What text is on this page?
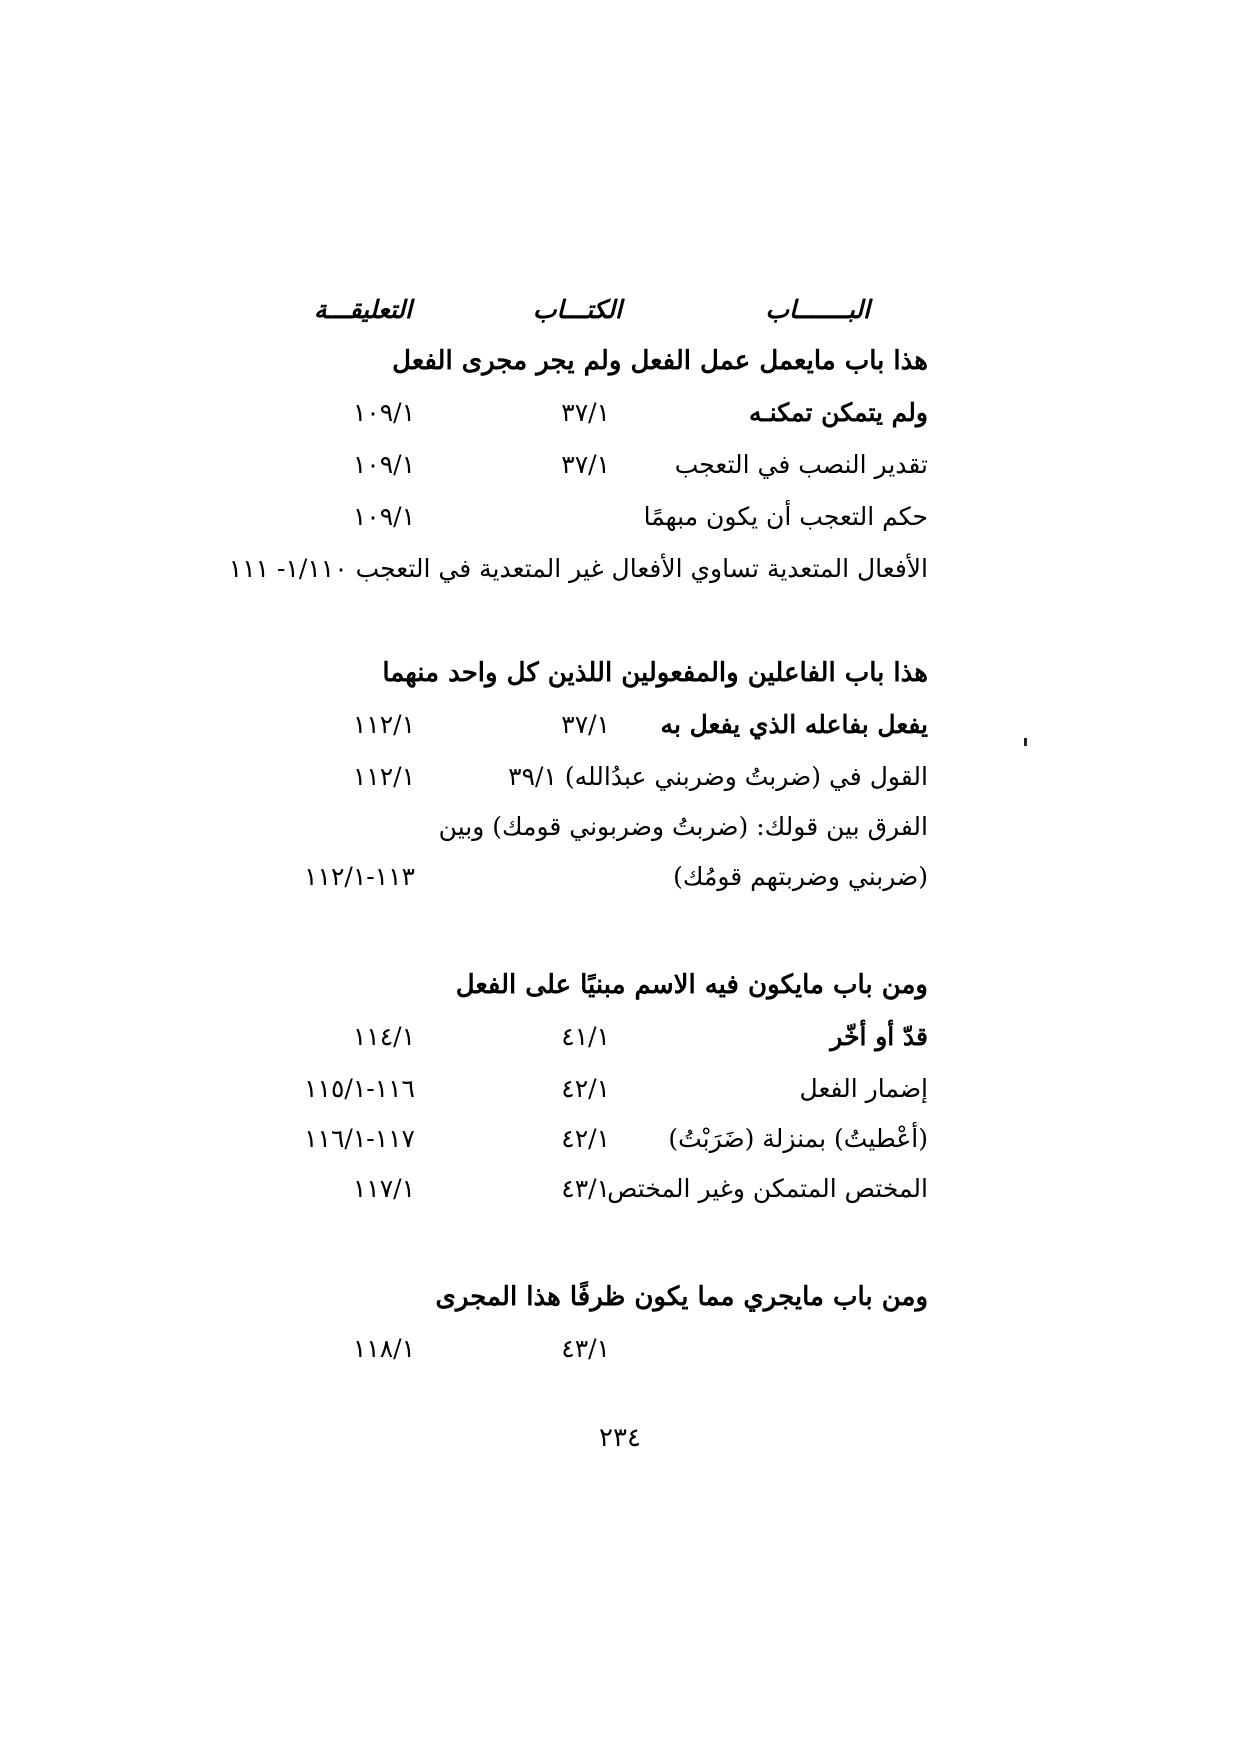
البـــــــاب
الكتـــاب
التعليقـــة
هذا باب مايعمل عمل الفعل ولم يجر مجرى الفعل
ولم يتمكن تمكنـه
٣٧/١
١٠٩/١
تقدير النصب في التعجب
٣٧/١
١٠٩/١
حكم التعجب أن يكون مبهمًا
١٠٩/١
الأفعال المتعدية تساوي الأفعال غير المتعدية في التعجب ١/١١٠- ١١١
هذا باب الفاعلين والمفعولين اللذين كل واحد منهما
يفعل بفاعله الذي يفعل به
٣٧/١
١١٢/١
القول في (ضربتُ وضربني عبدُالله) ٣٩/١
١١٢/١
الفرق بين قولك: (ضربتُ وضربوني قومك) وبين
(ضربني وضربتهم قومُك)
١١٣-١١٢/١
ومن باب مايكون فيه الاسم مبنيًا على الفعل
قدّ أو أخّر
٤١/١
١١٤/١
إضمار الفعل
٤٢/١
١١٦-١١٥/١
(أعْطيتُ) بمنزلة (ضَرَبْتُ)
٤٢/١
١١٧-١١٦/١
المختص المتمكن وغير المختص
٤٣/١
١١٧/١
ومن باب مايجري مما يكون ظرفًا هذا المجرى
٤٣/١
١١٨/١
٢٣٤
